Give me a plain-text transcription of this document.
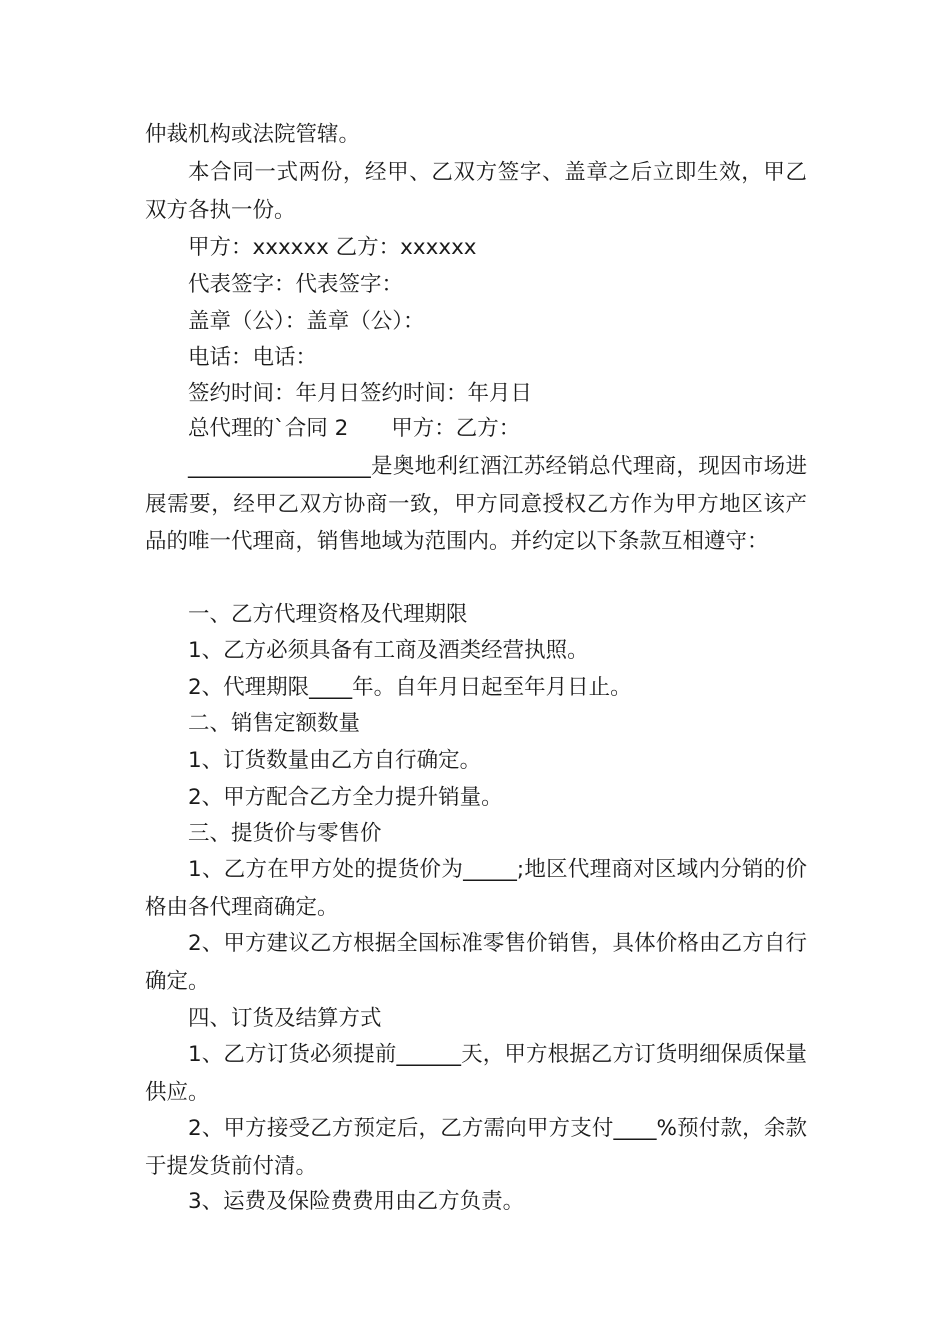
仲裁机构或法院管辖。

本合同一式两份，经甲、乙双方签字、盖章之后立即生效，甲乙双方各执一份。

甲方：xxxxxx 乙方：xxxxxx

代表签字：代表签字：

盖章（公）：盖章（公）：

电话：电话：

签约时间：年月日签约时间：年月日

总代理的`合同 2　　甲方：乙方：

_________________是奥地利红酒江苏经销总代理商，现因市场进展需要，经甲乙双方协商一致，甲方同意授权乙方作为甲方地区该产品的唯一代理商，销售地域为范围内。并约定以下条款互相遵守：

一、乙方代理资格及代理期限

1、乙方必须具备有工商及酒类经营执照。

2、代理期限____年。自年月日起至年月日止。

二、销售定额数量

1、订货数量由乙方自行确定。

2、甲方配合乙方全力提升销量。

三、提货价与零售价

1、乙方在甲方处的提货价为_____;地区代理商对区域内分销的价格由各代理商确定。

2、甲方建议乙方根据全国标准零售价销售，具体价格由乙方自行确定。

四、订货及结算方式

1、乙方订货必须提前______天，甲方根据乙方订货明细保质保量供应。

2、甲方接受乙方预定后，乙方需向甲方支付____%预付款，余款于提发货前付清。

3、运费及保险费费用由乙方负责。
